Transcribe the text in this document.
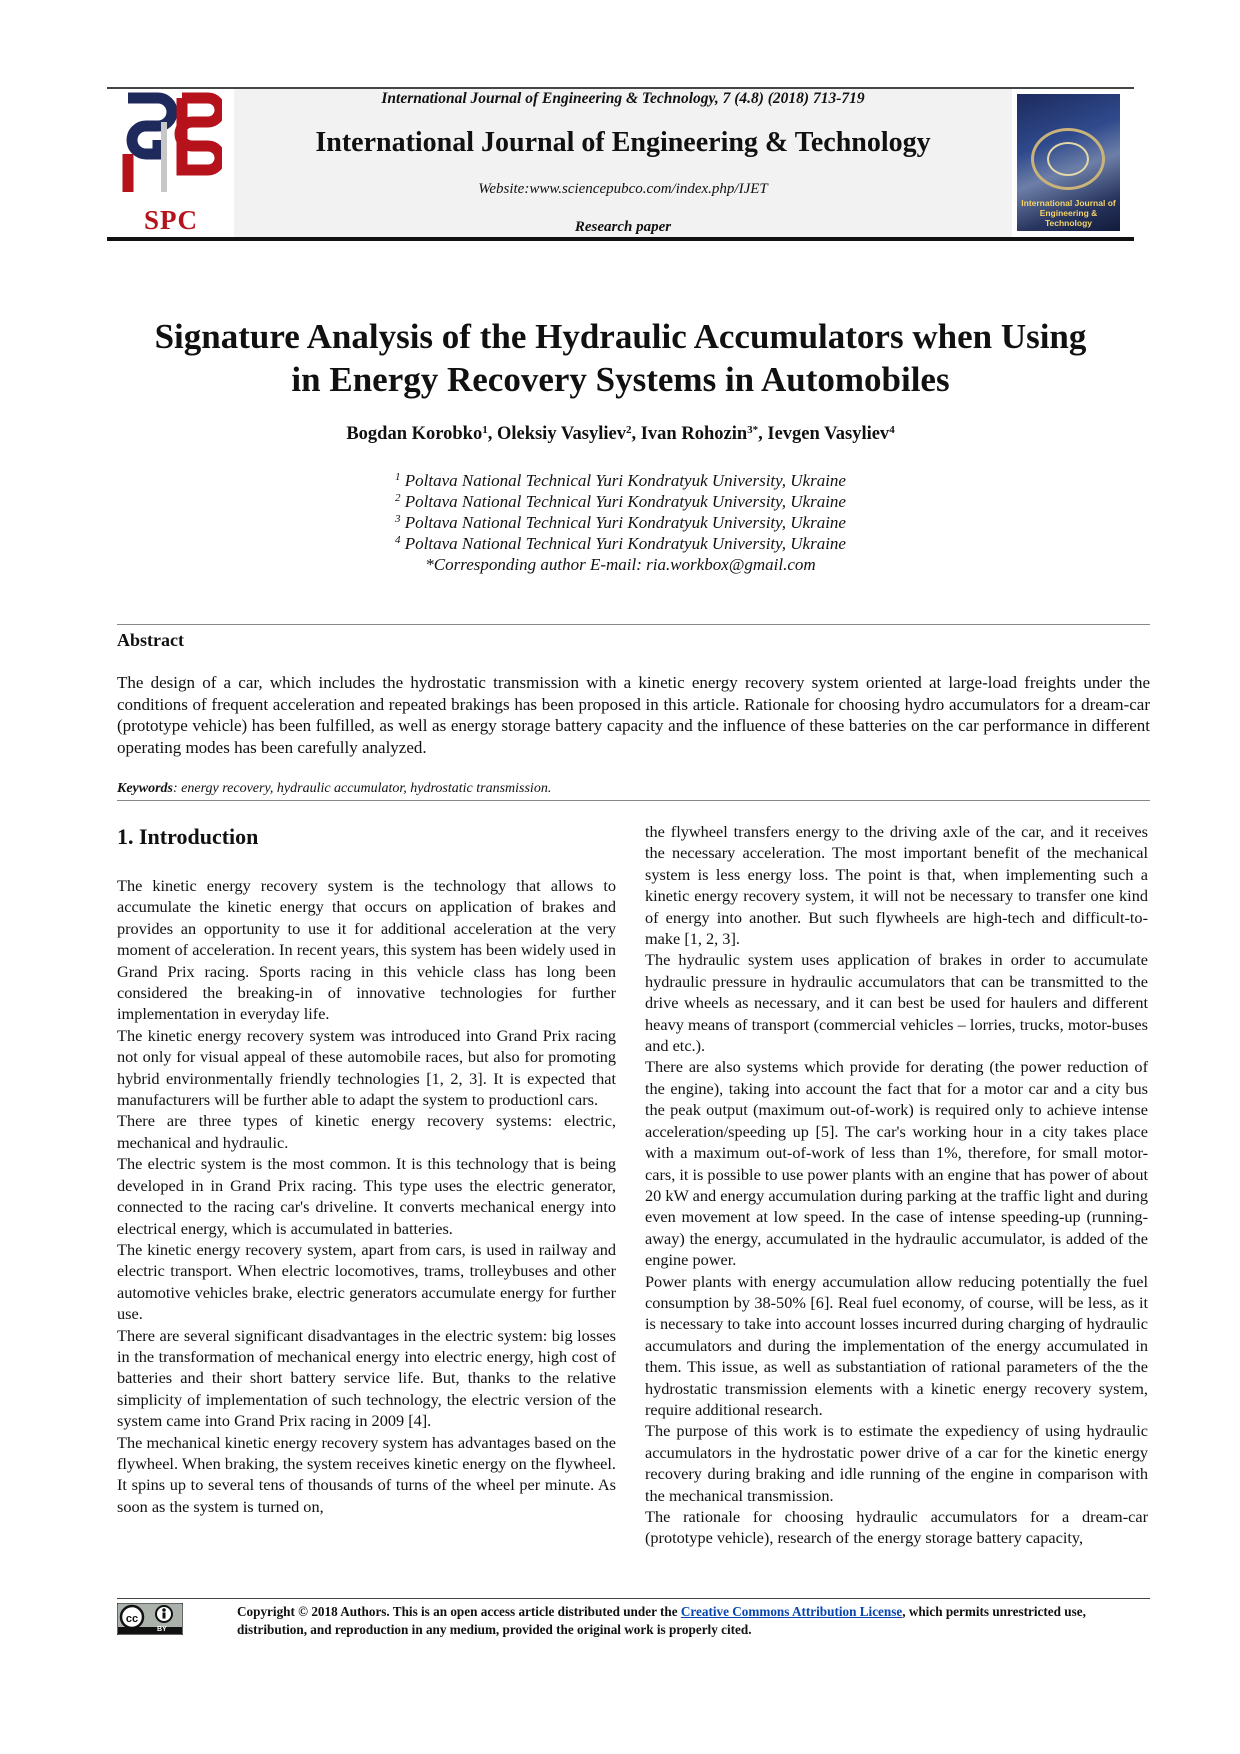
SPC
International Journal of Engineering & Technology, 7 (4.8) (2018) 713-719
International Journal of Engineering & Technology
Website:www.sciencepubco.com/index.php/IJET
Research paper
International Journal of Engineering & Technology
Signature Analysis of the Hydraulic Accumulators when Using
in Energy Recovery Systems in Automobiles
Bogdan Korobko$^1$, Oleksiy Vasyliev$^2$, Ivan Rohozin$^{3*}$, Ievgen Vasyliev$^4$
$^1$ Poltava National Technical Yuri Kondratyuk University, Ukraine
$^2$ Poltava National Technical Yuri Kondratyuk University, Ukraine
$^3$ Poltava National Technical Yuri Kondratyuk University, Ukraine
$^4$ Poltava National Technical Yuri Kondratyuk University, Ukraine
*Corresponding author E-mail: ria.workbox@gmail.com
Abstract
The design of a car, which includes the hydrostatic transmission with a kinetic energy recovery system oriented at large-load freights under the conditions of frequent acceleration and repeated brakings has been proposed in this article. Rationale for choosing hydro accumulators for a dream-car (prototype vehicle) has been fulfilled, as well as energy storage battery capacity and the influence of these batteries on the car performance in different operating modes has been carefully analyzed.
Keywords: energy recovery, hydraulic accumulator, hydrostatic transmission.
1. Introduction

The kinetic energy recovery system is the technology that allows to accumulate the kinetic energy that occurs on application of brakes and provides an opportunity to use it for additional acceleration at the very moment of acceleration. In recent years, this system has been widely used in Grand Prix racing. Sports racing in this vehicle class has long been considered the breaking-in of innovative technologies for further implementation in everyday life.

The kinetic energy recovery system was introduced into Grand Prix racing not only for visual appeal of these automobile races, but also for promoting hybrid environmentally friendly technologies [1, 2, 3]. It is expected that manufacturers will be further able to adapt the system to productionl cars.

There are three types of kinetic energy recovery systems: electric, mechanical and hydraulic.

The electric system is the most common. It is this technology that is being developed in in Grand Prix racing. This type uses the electric generator, connected to the racing car's driveline. It converts mechanical energy into electrical energy, which is accumulated in batteries.

The kinetic energy recovery system, apart from cars, is used in railway and electric transport. When electric locomotives, trams, trolleybuses and other automotive vehicles brake, electric generators accumulate energy for further use.

There are several significant disadvantages in the electric system: big losses in the transformation of mechanical energy into electric energy, high cost of batteries and their short battery service life. But, thanks to the relative simplicity of implementation of such technology, the electric version of the system came into Grand Prix racing in 2009 [4].

The mechanical kinetic energy recovery system has advantages based on the flywheel. When braking, the system receives kinetic energy on the flywheel. It spins up to several tens of thousands of turns of the wheel per minute. As soon as the system is turned on,

the flywheel transfers energy to the driving axle of the car, and it receives the necessary acceleration. The most important benefit of the mechanical system is less energy loss. The point is that, when implementing such a kinetic energy recovery system, it will not be necessary to transfer one kind of energy into another. But such flywheels are high-tech and difficult-to-make [1, 2, 3].

The hydraulic system uses application of brakes in order to accumulate hydraulic pressure in hydraulic accumulators that can be transmitted to the drive wheels as necessary, and it can best be used for haulers and different heavy means of transport (commercial vehicles – lorries, trucks, motor-buses and etc.).

There are also systems which provide for derating (the power reduction of the engine), taking into account the fact that for a motor car and a city bus the peak output (maximum out-of-work) is required only to achieve intense acceleration/speeding up [5]. The car's working hour in a city takes place with a maximum out-of-work of less than 1%, therefore, for small motor-cars, it is possible to use power plants with an engine that has power of about 20 kW and energy accumulation during parking at the traffic light and during even movement at low speed. In the case of intense speeding-up (running-away) the energy, accumulated in the hydraulic accumulator, is added of the engine power.

Power plants with energy accumulation allow reducing potentially the fuel consumption by 38-50% [6]. Real fuel economy, of course, will be less, as it is necessary to take into account losses incurred during charging of hydraulic accumulators and during the implementation of the energy accumulated in them. This issue, as well as substantiation of rational parameters of the the hydrostatic transmission elements with a kinetic energy recovery system, require additional research.

The purpose of this work is to estimate the expediency of using hydraulic accumulators in the hydrostatic power drive of a car for the kinetic energy recovery during braking and idle running of the engine in comparison with the mechanical transmission.

The rationale for choosing hydraulic accumulators for a dream-car (prototype vehicle), research of the energy storage battery capacity,

cc
BY
Copyright © 2018 Authors. This is an open access article distributed under the Creative Commons Attribution License, which permits unrestricted use, distribution, and reproduction in any medium, provided the original work is properly cited.
